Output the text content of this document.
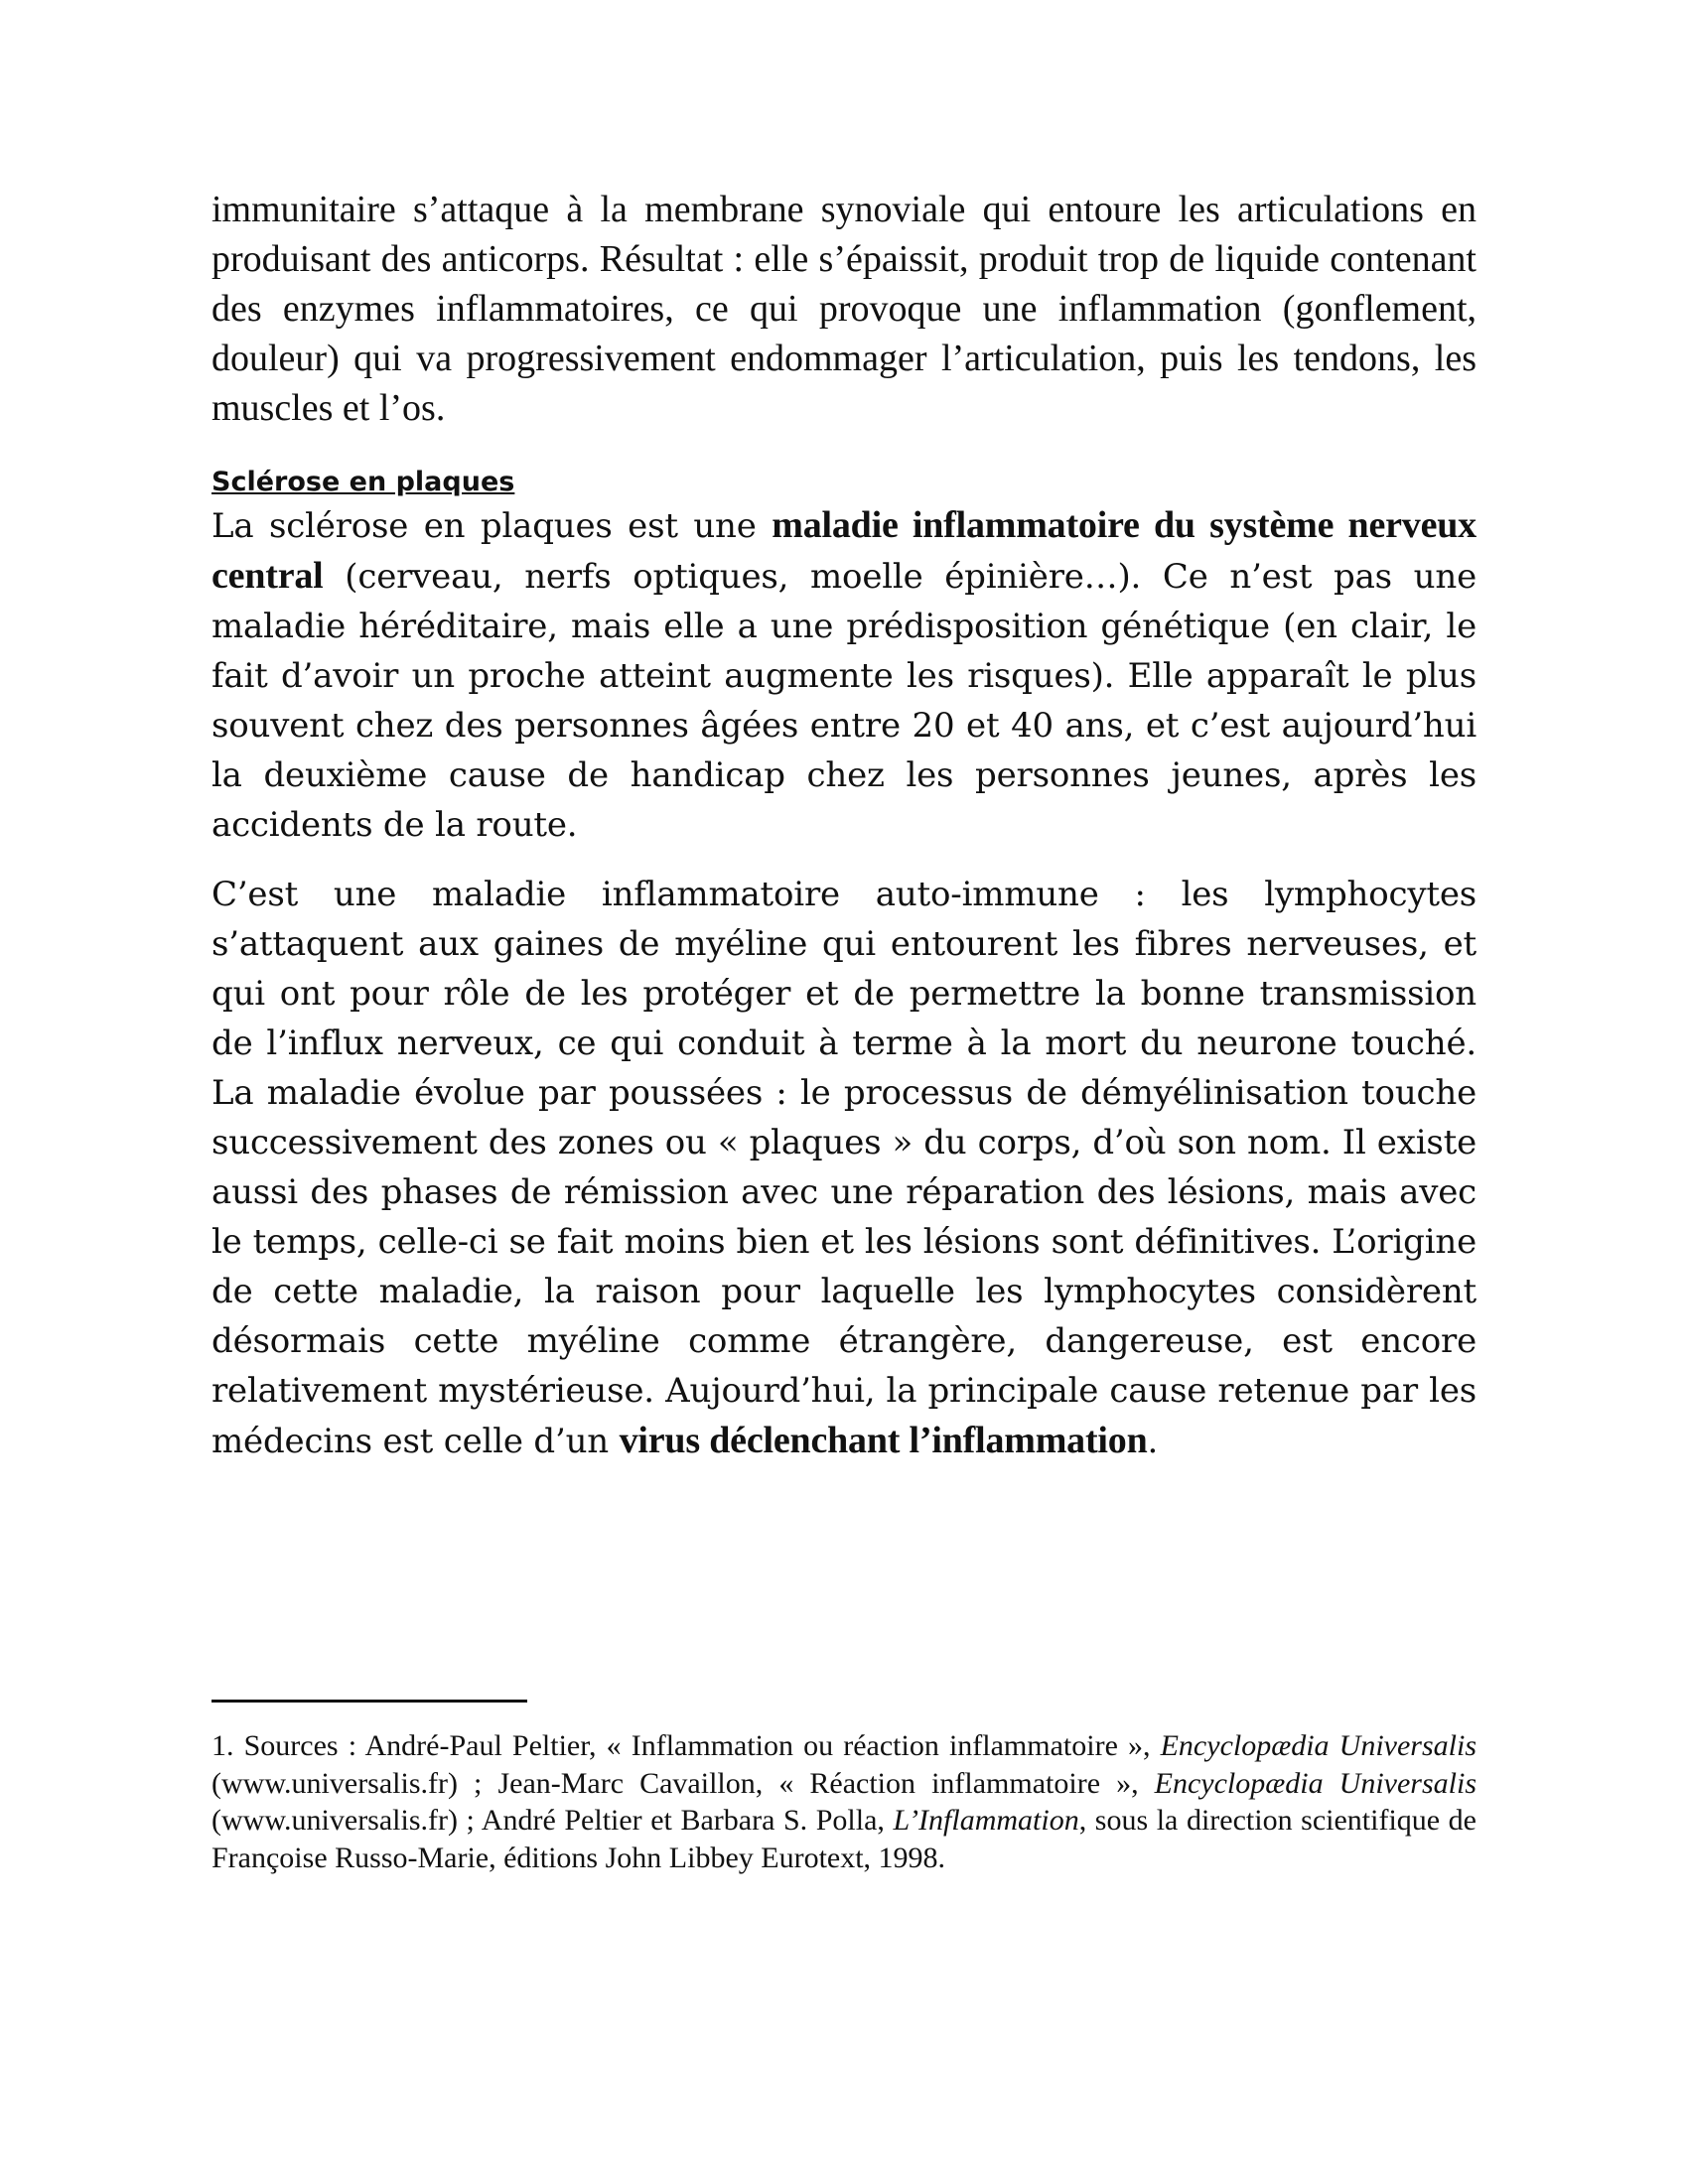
immunitaire s’attaque à la membrane synoviale qui entoure les articulations en produisant des anticorps. Résultat : elle s’épaissit, produit trop de liquide contenant des enzymes inflammatoires, ce qui provoque une inflammation (gonflement, douleur) qui va progressivement endommager l’articulation, puis les tendons, les muscles et l’os.

Sclérose en plaques

La sclérose en plaques est une maladie inflammatoire du système nerveux central (cerveau, nerfs optiques, moelle épinière…). Ce n’est pas une maladie héréditaire, mais elle a une prédisposition génétique (en clair, le fait d’avoir un proche atteint augmente les risques). Elle apparaît le plus souvent chez des personnes âgées entre 20 et 40 ans, et c’est aujourd’hui la deuxième cause de handicap chez les personnes jeunes, après les accidents de la route.

C’est une maladie inflammatoire auto-immune : les lymphocytes s’attaquent aux gaines de myéline qui entourent les fibres nerveuses, et qui ont pour rôle de les protéger et de permettre la bonne transmission de l’influx nerveux, ce qui conduit à terme à la mort du neurone touché. La maladie évolue par poussées : le processus de démyélinisation touche successivement des zones ou « plaques » du corps, d’où son nom. Il existe aussi des phases de rémission avec une réparation des lésions, mais avec le temps, celle-ci se fait moins bien et les lésions sont définitives. L’origine de cette maladie, la raison pour laquelle les lymphocytes considèrent désormais cette myéline comme étrangère, dangereuse, est encore relativement mystérieuse. Aujourd’hui, la principale cause retenue par les médecins est celle d’un virus déclenchant l’inflammation.

1. Sources : André-Paul Peltier, « Inflammation ou réaction inflammatoire », Encyclopædia Universalis (www.universalis.fr) ; Jean-Marc Cavaillon, « Réaction inflammatoire », Encyclopædia Universalis (www.universalis.fr) ; André Peltier et Barbara S. Polla, L’Inflammation, sous la direction scientifique de Françoise Russo-Marie, éditions John Libbey Eurotext, 1998.
